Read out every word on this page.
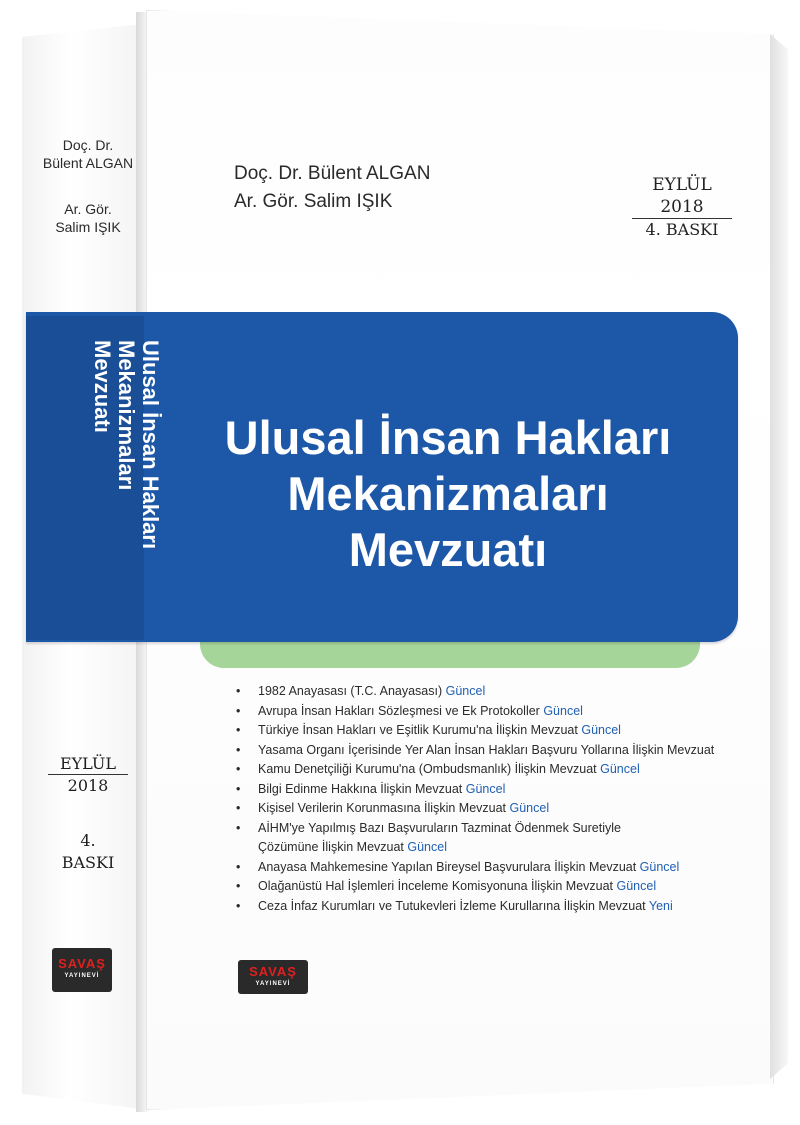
Doç. Dr.
Bülent ALGAN
Ar. Gör.
Salim IŞIK
Doç. Dr. Bülent ALGAN
Ar. Gör. Salim IŞIK
EYLÜL 2018
4. BASKI
Ulusal İnsan Hakları
Mekanizmaları
Mevzuatı
Ulusal İnsan Hakları
Mekanizmaları
Mevzuatı
• 1982 Anayasası (T.C. Anayasası) Güncel
• Avrupa İnsan Hakları Sözleşmesi ve Ek Protokoller Güncel
• Türkiye İnsan Hakları ve Eşitlik Kurumu'na İlişkin Mevzuat Güncel
• Yasama Organı İçerisinde Yer Alan İnsan Hakları Başvuru Yollarına İlişkin Mevzuat
• Kamu Denetçiliği Kurumu'na (Ombudsmanlık) İlişkin Mevzuat Güncel
• Bilgi Edinme Hakkına İlişkin Mevzuat Güncel
• Kişisel Verilerin Korunmasına İlişkin Mevzuat Güncel
• AİHM'ye Yapılmış Bazı Başvuruların Tazminat Ödenmek Suretiyle
Çözümüne İlişkin Mevzuat Güncel
• Anayasa Mahkemesine Yapılan Bireysel Başvurulara İlişkin Mevzuat Güncel
• Olağanüstü Hal İşlemleri İnceleme Komisyonuna İlişkin Mevzuat Güncel
• Ceza İnfaz Kurumları ve Tutukevleri İzleme Kurullarına İlişkin Mevzuat Yeni
EYLÜL
2018
4.
BASKI
SAVAŞ
YAYINEVİ	SAVAŞ
YAYINEVİ
